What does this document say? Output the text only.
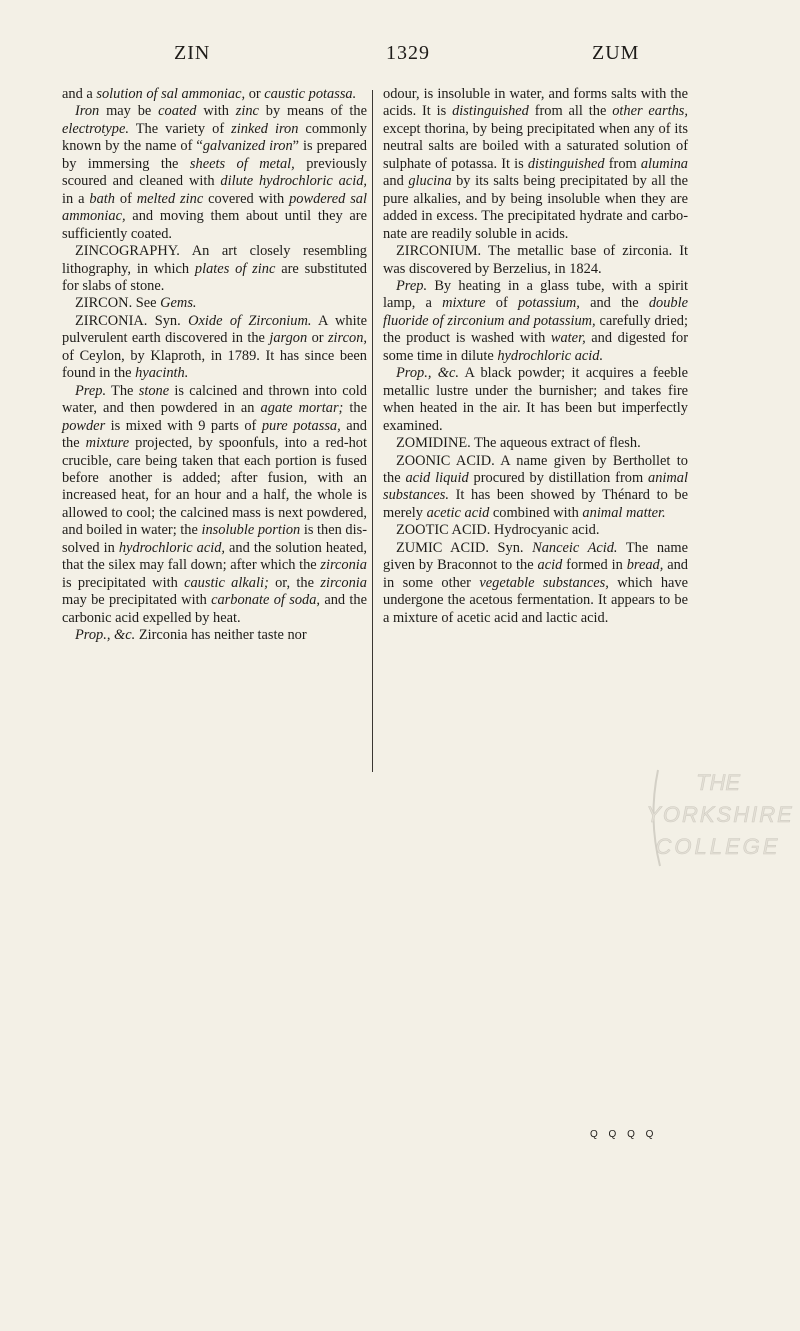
ZIN	1329	ZUM

and a solution of sal ammoniac, or caustic potassa.

Iron may be coated with zinc by means of the electrotype. The variety of zinked iron commonly known by the name of “galvanized iron” is prepared by immersing the sheets of metal, previously scoured and cleaned with dilute hydrochloric acid, in a bath of melted zinc covered with powdered sal ammoniac, and moving them about until they are sufficiently coated.

ZINCOGRAPHY. An art closely resembling lithography, in which plates of zinc are substituted for slabs of stone.

ZIRCON. See Gems.

ZIRCONIA. Syn. Oxide of Zirconium. A white pulverulent earth discovered in the jargon or zircon, of Ceylon, by Klaproth, in 1789. It has since been found in the hyacinth.

Prep. The stone is calcined and thrown into cold water, and then powdered in an agate mortar; the powder is mixed with 9 parts of pure potassa, and the mixture projected, by spoonfuls, into a red-hot crucible, care being taken that each portion is fused before another is added; after fusion, with an increased heat, for an hour and a half, the whole is allowed to cool; the calcined mass is next powdered, and boiled in water; the insoluble portion is then dissolved in hydrochloric acid, and the solution heated, that the silex may fall down; after which the zirconia is precipitated with caustic alkali; or, the zirconia may be precipitated with carbonate of soda, and the carbonic acid expelled by heat.

Prop., &c. Zirconia has neither taste nor

odour, is insoluble in water, and forms salts with the acids. It is distinguished from all the other earths, except thorina, by being precipitated when any of its neutral salts are boiled with a saturated solution of sulphate of potassa. It is distinguished from alumina and glucina by its salts being precipitated by all the pure alkalies, and by being insoluble when they are added in excess. The precipitated hydrate and carbonate are readily soluble in acids.

ZIRCONIUM. The metallic base of zirconia. It was discovered by Berzelius, in 1824.

Prep. By heating in a glass tube, with a spirit lamp, a mixture of potassium, and the double fluoride of zirconium and potassium, carefully dried; the product is washed with water, and digested for some time in dilute hydrochloric acid.

Prop., &c. A black powder; it acquires a feeble metallic lustre under the burnisher; and takes fire when heated in the air. It has been but imperfectly examined.

ZOMIDINE. The aqueous extract of flesh.

ZOONIC ACID. A name given by Berthollet to the acid liquid procured by distillation from animal substances. It has been showed by Thénard to be merely acetic acid combined with animal matter.

ZOOTIC ACID. Hydrocyanic acid.

ZUMIC ACID. Syn. Nanceic Acid. The name given by Braconnot to the acid formed in bread, and in some other vegetable substances, which have undergone the acetous fermentation. It appears to be a mixture of acetic acid and lactic acid.

THE
YORKSHIRE
COLLEGE
Q Q Q Q
